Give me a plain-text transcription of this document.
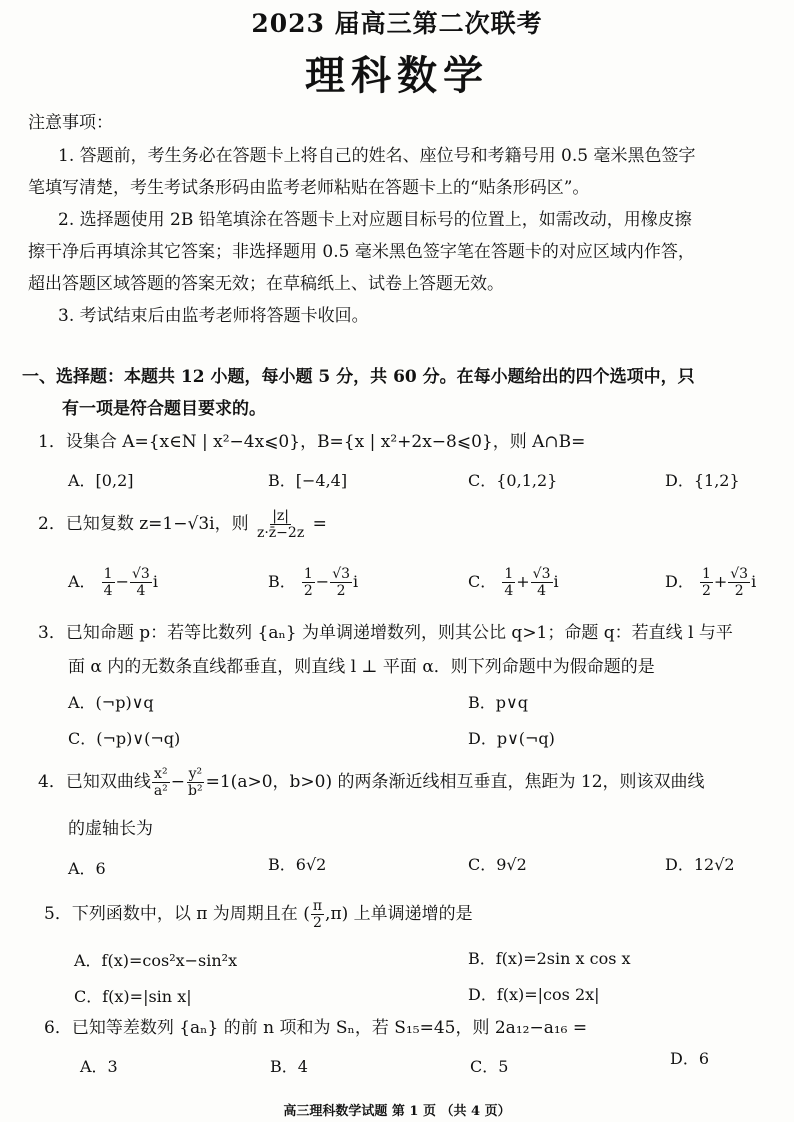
2023 届高三第二次联考
理科数学
注意事项：
1. 答题前，考生务必在答题卡上将自己的姓名、座位号和考籍号用 0.5 毫米黑色签字
笔填写清楚，考生考试条形码由监考老师粘贴在答题卡上的“贴条形码区”。
2. 选择题使用 2B 铅笔填涂在答题卡上对应题目标号的位置上，如需改动，用橡皮擦
擦干净后再填涂其它答案；非选择题用 0.5 毫米黑色签字笔在答题卡的对应区域内作答，
超出答题区域答题的答案无效；在草稿纸上、试卷上答题无效。
3. 考试结束后由监考老师将答题卡收回。
一、选择题：本题共 12 小题，每小题 5 分，共 60 分。在每小题给出的四个选项中，只
有一项是符合题目要求的。
1．设集合 A={x∈N | x²−4x⩽0}，B={x | x²+2x−8⩽0}，则 A∩B=
A．[0,2]	B．[−4,4]	C．{0,1,2}	D．{1,2}
2．已知复数 z=1−√3i，则 $\frac{|z|}{z\cdot z̄-2z}$ =
A． $\frac{1}{4} - \frac{√3}{4}$ i	B． $\frac{1}{2} - \frac{√3}{2}$ i	C． $\frac{1}{4} + \frac{√3}{4}$ i	D． $\frac{1}{2} + \frac{√3}{2}$ i
3．已知命题 p：若等比数列 {aₙ} 为单调递增数列，则其公比 q>1；命题 q：若直线 l 与平
面 α 内的无数条直线都垂直，则直线 l ⊥ 平面 α．则下列命题中为假命题的是
A．(¬p)∨q	B．p∨q
C．(¬p)∨(¬q)	D．p∨(¬q)
4．已知双曲线 $\frac{\text{x²}}{\text{a²}} - \frac{\text{y²}}{\text{b²}} =1(a>0$，b>0) 的两条渐近线相互垂直，焦距为 12，则该双曲线
的虚轴长为
A．6	B．6√2	C．9√2	D．12√2
5．下列函数中，以 π 为周期且在 ( $\frac{\pi}{2} ,\pi$) 上单调递增的是
A．f(x)=cos²x−sin²x	B．f(x)=2sin x cos x
C．f(x)=|sin x|	D．f(x)=|cos 2x|
6．已知等差数列 {aₙ} 的前 n 项和为 Sₙ，若 S₁₅=45，则 2a₁₂−a₁₆ =
A．3	B．4	C．5	D．6
高三理科数学试题 第 1 页 （共 4 页）
